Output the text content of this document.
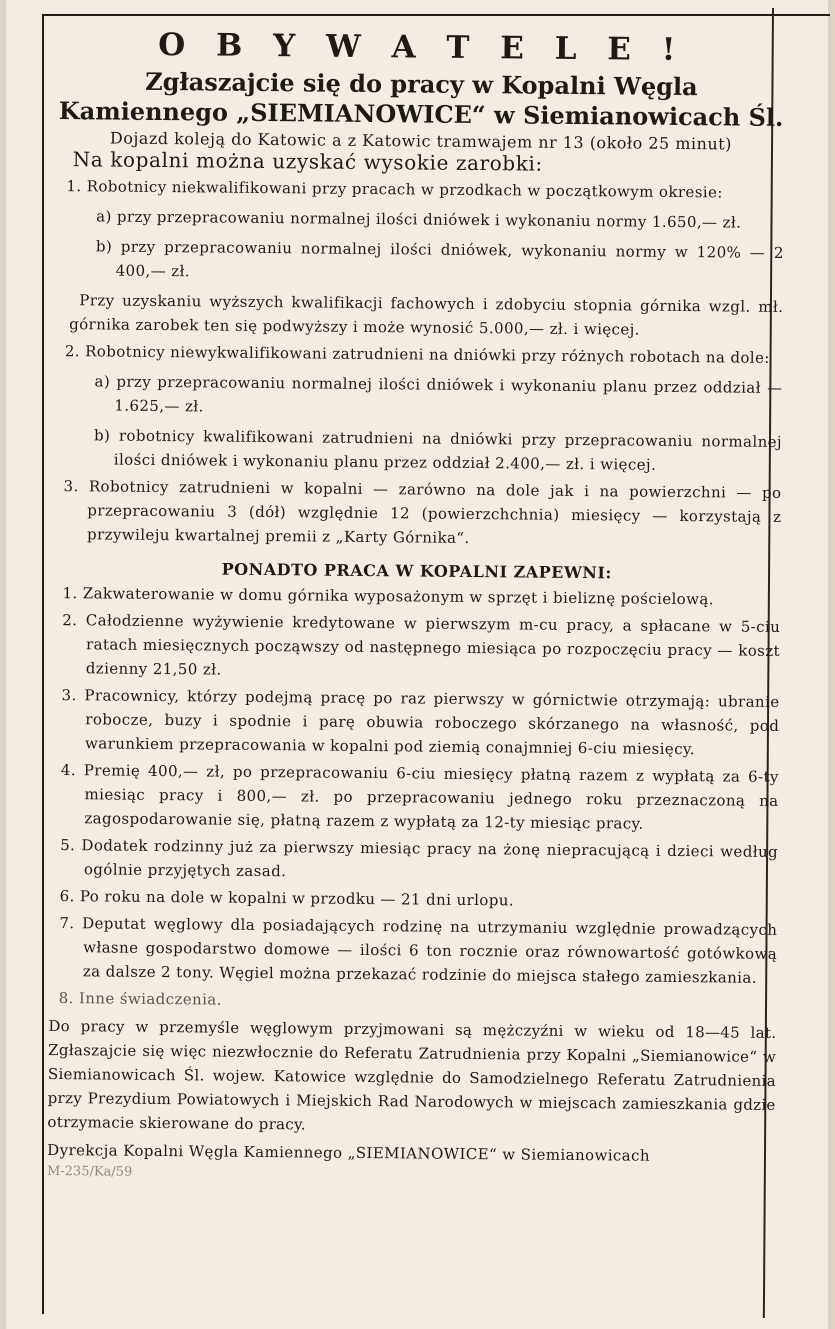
O B Y W A T E L E !
Zgłaszajcie się do pracy w Kopalni Węgla Kamiennego „SIEMIANOWICE“ w Siemianowicach Śl.
Dojazd koleją do Katowic a z Katowic tramwajem nr 13 (około 25 minut)
Na kopalni można uzyskać wysokie zarobki:
1. Robotnicy niekwalifikowani przy pracach w przodkach w początkowym okresie:
a) przy przepracowaniu normalnej ilości dniówek i wykonaniu normy 1.650,— zł.
b) przy przepracowaniu normalnej ilości dniówek, wykonaniu normy w 120% — 2 400,— zł.
Przy uzyskaniu wyższych kwalifikacji fachowych i zdobyciu stopnia górnika wzgl. mł. górnika zarobek ten się podwyższy i może wynosić 5.000,— zł. i więcej.
2. Robotnicy niewykwalifikowani zatrudnieni na dniówki przy różnych robotach na dole:
a) przy przepracowaniu normalnej ilości dniówek i wykonaniu planu przez oddział — 1.625,— zł.
b) robotnicy kwalifikowani zatrudnieni na dniówki przy przepracowaniu normalnej ilości dniówek i wykonaniu planu przez oddział 2.400,— zł. i więcej.
3. Robotnicy zatrudnieni w kopalni — zarówno na dole jak i na powierzchni — po przepracowaniu 3 (dół) względnie 12 (powierzchchnia) miesięcy — korzystają z przywileju kwartalnej premii z „Karty Górnika“.
PONADTO PRACA W KOPALNI ZAPEWNI:
1. Zakwaterowanie w domu górnika wyposażonym w sprzęt i bieliznę pościelową.
2. Całodzienne wyżywienie kredytowane w pierwszym m-cu pracy, a spłacane w 5-ciu ratach miesięcznych począwszy od następnego miesiąca po rozpoczęciu pracy — koszt dzienny 21,50 zł.
3. Pracownicy, którzy podejmą pracę po raz pierwszy w górnictwie otrzymają: ubranie robocze, buzy i spodnie i parę obuwia roboczego skórzanego na własność, pod warunkiem przepracowania w kopalni pod ziemią conajmniej 6-ciu miesięcy.
4. Premię 400,— zł, po przepracowaniu 6-ciu miesięcy płatną razem z wypłatą za 6-ty miesiąc pracy i 800,— zł. po przepracowaniu jednego roku przeznaczoną na zagospodarowanie się, płatną razem z wypłatą za 12-ty miesiąc pracy.
5. Dodatek rodzinny już za pierwszy miesiąc pracy na żonę niepracującą i dzieci według ogólnie przyjętych zasad.
6. Po roku na dole w kopalni w przodku — 21 dni urlopu.
7. Deputat węglowy dla posiadających rodzinę na utrzymaniu względnie prowadzących własne gospodarstwo domowe — ilości 6 ton rocznie oraz równowartość gotówkową za dalsze 2 tony. Węgiel można przekazać rodzinie do miejsca stałego zamieszkania.
8. Inne świadczenia.
Do pracy w przemyśle węglowym przyjmowani są mężczyźni w wieku od 18—45 lat. Zgłaszajcie się więc niezwłocznie do Referatu Zatrudnienia przy Kopalni „Siemianowice“ w Siemianowicach Śl. wojew. Katowice względnie do Samodzielnego Referatu Zatrudnienia przy Prezydium Powiatowych i Miejskich Rad Narodowych w miejscach zamieszkania gdzie otrzymacie skierowane do pracy.
Dyrekcja Kopalni Węgla Kamiennego „SIEMIANOWICE“ w Siemianowicach
M-235/Ka/59
